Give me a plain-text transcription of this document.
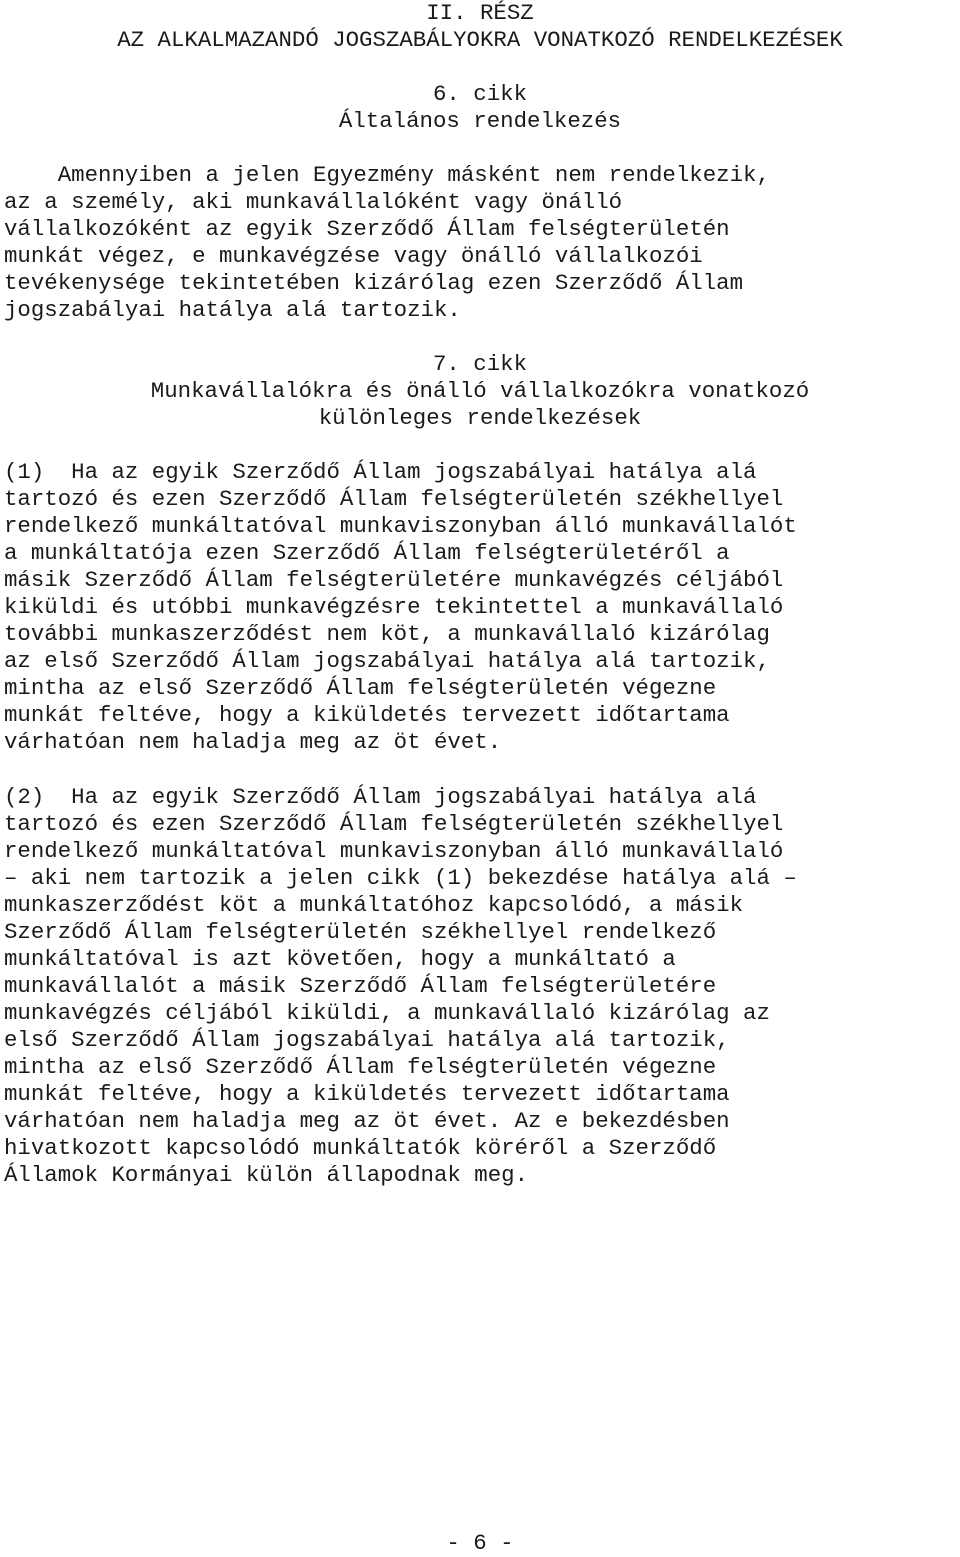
II. RÉSZ
AZ ALKALMAZANDÓ JOGSZABÁLYOKRA VONATKOZÓ RENDELKEZÉSEK
6. cikk
Általános rendelkezés
Amennyiben a jelen Egyezmény másként nem rendelkezik,
az a személy, aki munkavállalóként vagy önálló
vállalkozóként az egyik Szerződő Állam felségterületén
munkát végez, e munkavégzése vagy önálló vállalkozói
tevékenysége tekintetében kizárólag ezen Szerződő Állam
jogszabályai hatálya alá tartozik.
7. cikk
Munkavállalókra és önálló vállalkozókra vonatkozó
különleges rendelkezések
(1)  Ha az egyik Szerződő Állam jogszabályai hatálya alá
tartozó és ezen Szerződő Állam felségterületén székhellyel
rendelkező munkáltatóval munkaviszonyban álló munkavállalót
a munkáltatója ezen Szerződő Állam felségterületéről a
másik Szerződő Állam felségterületére munkavégzés céljából
kiküldi és utóbbi munkavégzésre tekintettel a munkavállaló
további munkaszerződést nem köt, a munkavállaló kizárólag
az első Szerződő Állam jogszabályai hatálya alá tartozik,
mintha az első Szerződő Állam felségterületén végezne
munkát feltéve, hogy a kiküldetés tervezett időtartama
várhatóan nem haladja meg az öt évet.
(2)  Ha az egyik Szerződő Állam jogszabályai hatálya alá
tartozó és ezen Szerződő Állam felségterületén székhellyel
rendelkező munkáltatóval munkaviszonyban álló munkavállaló
– aki nem tartozik a jelen cikk (1) bekezdése hatálya alá –
munkaszerződést köt a munkáltatóhoz kapcsolódó, a másik
Szerződő Állam felségterületén székhellyel rendelkező
munkáltatóval is azt követően, hogy a munkáltató a
munkavállalót a másik Szerződő Állam felségterületére
munkavégzés céljából kiküldi, a munkavállaló kizárólag az
első Szerződő Állam jogszabályai hatálya alá tartozik,
mintha az első Szerződő Állam felségterületén végezne
munkát feltéve, hogy a kiküldetés tervezett időtartama
várhatóan nem haladja meg az öt évet. Az e bekezdésben
hivatkozott kapcsolódó munkáltatók köréről a Szerződő
Államok Kormányai külön állapodnak meg.
- 6 -
